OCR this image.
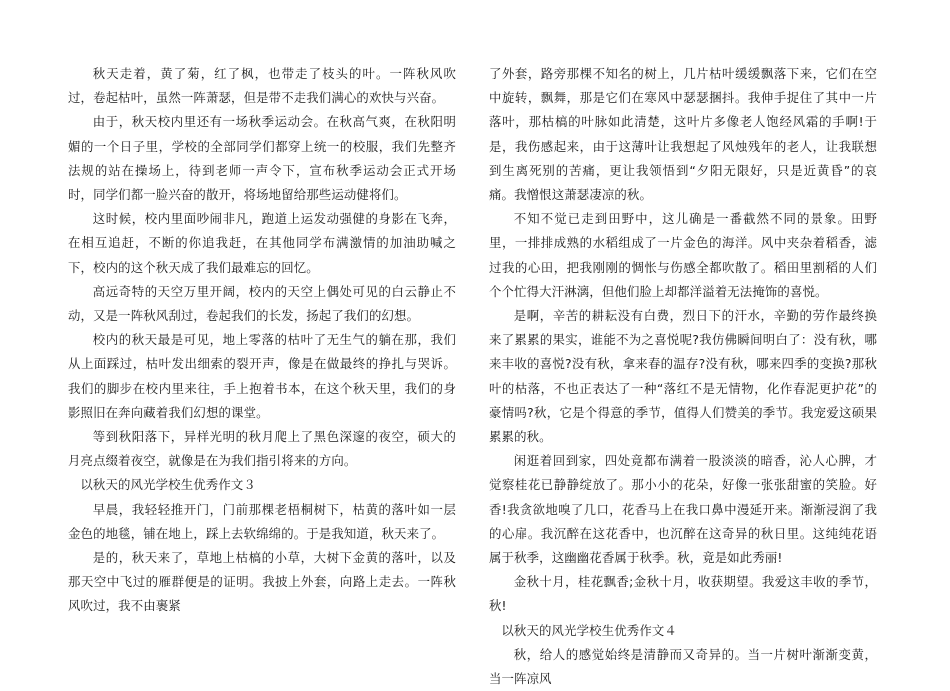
秋天走着，黄了菊，红了枫，也带走了枝头的叶。一阵秋风吹过，卷起枯叶，虽然一阵萧瑟，但是带不走我们满心的欢快与兴奋。

由于，秋天校内里还有一场秋季运动会。在秋高气爽，在秋阳明媚的一个日子里，学校的全部同学们都穿上统一的校服，我们先整齐法规的站在操场上，待到老师一声令下，宣布秋季运动会正式开场时，同学们都一脸兴奋的散开，将场地留给那些运动健将们。

这时候，校内里面吵闹非凡，跑道上运发动强健的身影在飞奔，在相互追赶，不断的你追我赶，在其他同学布满激情的加油助喊之下，校内的这个秋天成了我们最难忘的回忆。

高远奇特的天空万里开阔，校内的天空上偶处可见的白云静止不动，又是一阵秋风刮过，卷起我们的长发，扬起了我们的幻想。

校内的秋天最是可见，地上零落的枯叶了无生气的躺在那，我们从上面踩过，枯叶发出细索的裂开声，像是在做最终的挣扎与哭诉。我们的脚步在校内里来往，手上抱着书本，在这个秋天里，我们的身影照旧在奔向藏着我们幻想的课堂。

等到秋阳落下，异样光明的秋月爬上了黑色深邃的夜空，硕大的月亮点缀着夜空，就像是在为我们指引将来的方向。

以秋天的风光学校生优秀作文３

早晨，我轻轻推开门，门前那棵老梧桐树下，枯黄的落叶如一层金色的地毯，铺在地上，踩上去软绵绵的。于是我知道，秋天来了。

是的，秋天来了，草地上枯槁的小草，大树下金黄的落叶，以及那天空中飞过的雁群便是的证明。我披上外套，向路上走去。一阵秋风吹过，我不由裹紧

了外套，路旁那棵不知名的树上，几片枯叶缓缓飘落下来，它们在空中旋转，飘舞，那是它们在寒风中瑟瑟捆抖。我伸手捉住了其中一片落叶，那枯槁的叶脉如此清楚，这叶片多像老人饱经风霜的手啊!于是，我伤感起来，由于这薄叶让我想起了风烛残年的老人，让我联想到生离死别的苦痛，更让我领悟到“夕阳无限好，只是近黄昏”的哀痛。我憎恨这萧瑟凄凉的秋。

不知不觉已走到田野中，这儿确是一番截然不同的景象。田野里，一排排成熟的水稻组成了一片金色的海洋。风中夹杂着稻香，滤过我的心田，把我刚刚的惆怅与伤感全都吹散了。稻田里割稻的人们个个忙得大汗淋漓，但他们脸上却都洋溢着无法掩饰的喜悦。

是啊，辛苦的耕耘没有白费，烈日下的汗水，辛勤的劳作最终换来了累累的果实，谁能不为之喜悦呢?我仿佛瞬间明白了：没有秋，哪来丰收的喜悦?没有秋，拿来春的温存?没有秋，哪来四季的变换?那秋叶的枯落，不也正表达了一种“落红不是无情物，化作春泥更护花”的豪情吗?秋，它是个得意的季节，值得人们赞美的季节。我宠爱这硕果累累的秋。

闲逛着回到家，四处竟都布满着一股淡淡的暗香，沁人心脾，才觉察桂花已静静绽放了。那小小的花朵，好像一张张甜蜜的笑脸。好香!我贪欲地嗅了几口，花香马上在我口鼻中漫延开来。渐渐浸润了我的心扉。我沉醉在这花香中，也沉醉在这奇异的秋日里。这纯纯花语属于秋季，这幽幽花香属于秋季。秋，竟是如此秀丽!

金秋十月，桂花飘香;金秋十月，收获期望。我爱这丰收的季节，秋!

以秋天的风光学校生优秀作文４

秋，给人的感觉始终是清静而又奇异的。当一片树叶渐渐变黄，当一阵凉风
